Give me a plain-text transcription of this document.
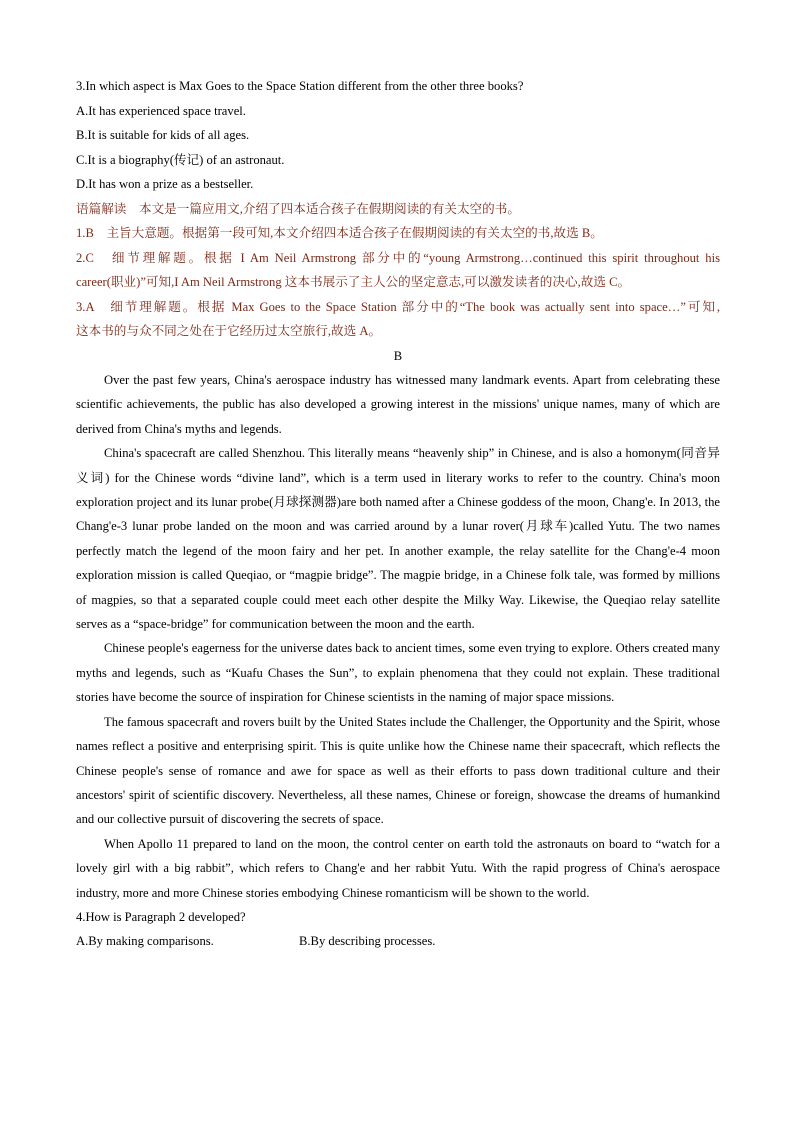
3.In which aspect is Max Goes to the Space Station different from the other three books?
A.It has experienced space travel.
B.It is suitable for kids of all ages.
C.It is a biography(传记) of an astronaut.
D.It has won a prize as a bestseller.
语篇解读　本文是一篇应用文,介绍了四本适合孩子在假期阅读的有关太空的书。
1.B　主旨大意题。根据第一段可知,本文介绍四本适合孩子在假期阅读的有关太空的书,故选 B。
2.C　细节理解题。根据 I Am Neil Armstrong 部分中的“young Armstrong…continued this spirit throughout his
career(职业)”可知,I Am Neil Armstrong 这本书展示了主人公的坚定意志,可以激发读者的决心,故选 C。
3.A　细节理解题。根据 Max Goes to the Space Station 部分中的“The book was actually sent into space…”可知,
这本书的与众不同之处在于它经历过太空旅行,故选 A。
B

Over the past few years, China's aerospace industry has witnessed many landmark events. Apart from celebrating these scientific achievements, the public has also developed a growing interest in the missions' unique names, many of which are derived from China's myths and legends.

China's spacecraft are called Shenzhou. This literally means “heavenly ship” in Chinese, and is also a homonym(同音异义词) for the Chinese words “divine land”, which is a term used in literary works to refer to the country. China's moon exploration project and its lunar probe(月球探测器)are both named after a Chinese goddess of the moon, Chang'e. In 2013, the Chang'e-3 lunar probe landed on the moon and was carried around by a lunar rover(月球车)called Yutu. The two names perfectly match the legend of the moon fairy and her pet. In another example, the relay satellite for the Chang'e-4 moon exploration mission is called Queqiao, or “magpie bridge”. The magpie bridge, in a Chinese folk tale, was formed by millions of magpies, so that a separated couple could meet each other despite the Milky Way. Likewise, the Queqiao relay satellite serves as a “space-bridge” for communication between the moon and the earth.

Chinese people's eagerness for the universe dates back to ancient times, some even trying to explore. Others created many myths and legends, such as “Kuafu Chases the Sun”, to explain phenomena that they could not explain. These traditional stories have become the source of inspiration for Chinese scientists in the naming of major space missions.

The famous spacecraft and rovers built by the United States include the Challenger, the Opportunity and the Spirit, whose names reflect a positive and enterprising spirit. This is quite unlike how the Chinese name their spacecraft, which reflects the Chinese people's sense of romance and awe for space as well as their efforts to pass down traditional culture and their ancestors' spirit of scientific discovery. Nevertheless, all these names, Chinese or foreign, showcase the dreams of humankind and our collective pursuit of discovering the secrets of space.

When Apollo 11 prepared to land on the moon, the control center on earth told the astronauts on board to “watch for a lovely girl with a big rabbit”, which refers to Chang'e and her rabbit Yutu. With the rapid progress of China's aerospace industry, more and more Chinese stories embodying Chinese romanticism will be shown to the world.

4.How is Paragraph 2 developed?
A.By making comparisons.	B.By describing processes.
